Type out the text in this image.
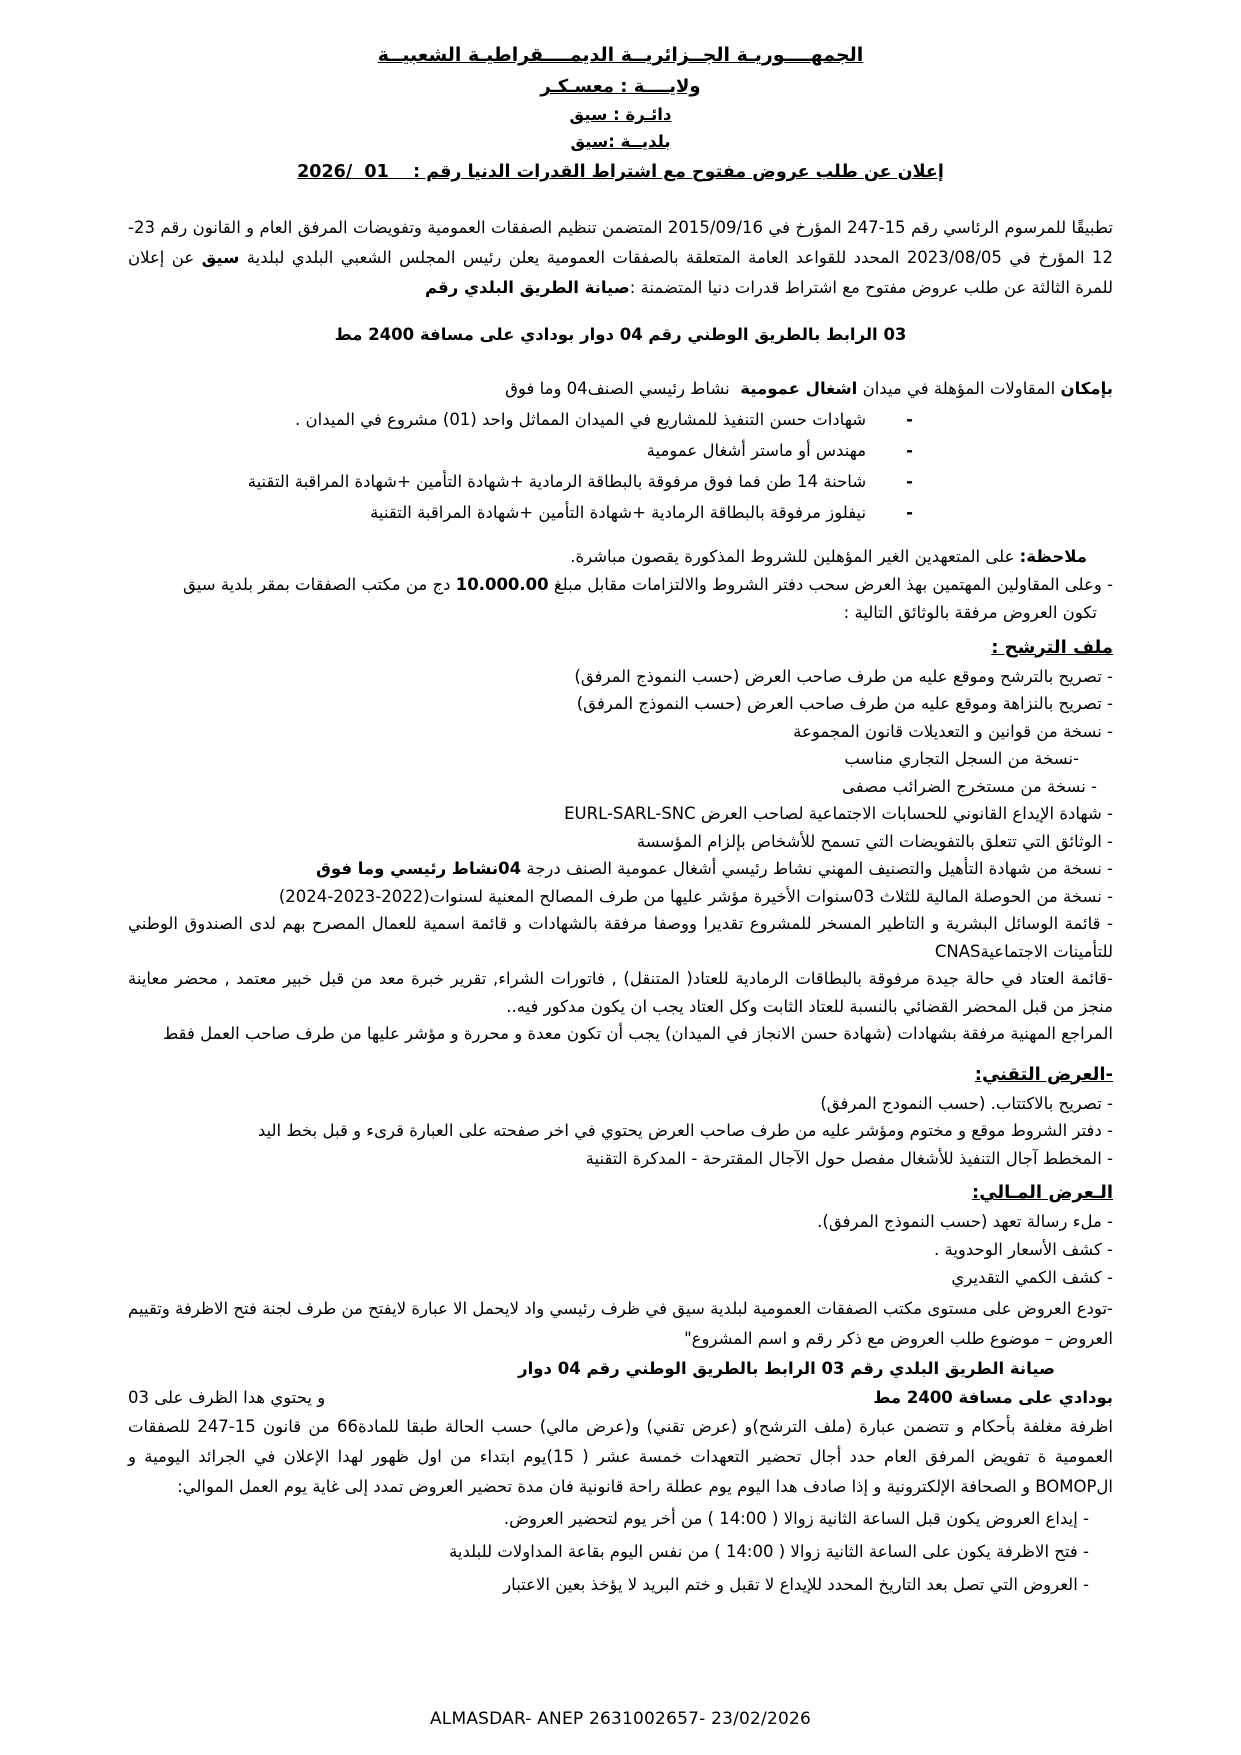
الجمهــــوريـة الجــزائريــة الديمــــقراطيـة الشعبيــة
ولايــــة : معسـكـر
دائـرة : سيق
بلديــة :سيق
إعلان عن طلب عروض مفتوح مع اشتراط القدرات الدنيا رقم :    01  /2026

تطبيقًا للمرسوم الرئاسي رقم 15-247 المؤرخ في 2015/09/16 المتضمن تنظيم الصفقات العمومية وتفويضات المرفق العام و القانون رقم 23-12 المؤرخ في 2023/08/05 المحدد للقواعد العامة المتعلقة بالصفقات العمومية يعلن رئيس المجلس الشعبي البلدي لبلدية سيق عن إعلان للمرة الثالثة عن طلب عروض مفتوح مع اشتراط قدرات دنيا المتضمنة :صيانة الطريق البلدي رقم

03 الرابط بالطريق الوطني رقم 04 دوار بودادي على مسافة 2400 مط
بإمكان المقاولات المؤهلة في ميدان اشغال عمومية  نشاط رئيسي الصنف04 وما فوق
-
شهادات حسن التنفيذ للمشاريع في الميدان المماثل واحد (01) مشروع في الميدان .
-
مهندس أو ماستر أشغال عمومية
-
شاحنة 14 طن فما فوق مرفوقة بالبطاقة الرمادية +شهادة التأمين +شهادة المراقبة التقنية
-
نيفلوز مرفوقة بالبطاقة الرمادية +شهادة التأمين +شهادة المراقبة التقنية
ملاحظة: على المتعهدين الغير المؤهلين للشروط المذكورة يقصون مباشرة.

- وعلى المقاولين المهتمين بهذ العرض سحب دفتر الشروط والالتزامات مقابل مبلغ 10.000.00 دج من مكتب الصفقات بمقر بلدية سيق

تكون العروض مرفقة بالوثائق التالية :
ملف الترشح :
- تصريح بالترشح وموقع عليه من طرف صاحب العرض (حسب النموذج المرفق)
- تصريح بالنزاهة وموقع عليه من طرف صاحب العرض (حسب النموذج المرفق)
- نسخة من قوانين و التعديلات قانون المجموعة
-نسخة من السجل التجاري مناسب
- نسخة من مستخرج الضرائب مصفى
- شهادة الإيداع القانوني للحسابات الاجتماعية لصاحب العرض EURL-SARL-SNC
- الوثائق التي تتعلق بالتفويضات التي تسمح للأشخاص بإلزام المؤسسة
- نسخة من شهادة التأهيل والتصنيف المهني نشاط رئيسي أشغال عمومية الصنف درجة 04نشاط رئيسي وما فوق
- نسخة من الحوصلة المالية للثلاث 03سنوات الأخيرة مؤشر عليها من طرف المصالح المعنية لسنوات(2022-2023-2024)
- قائمة الوسائل البشرية و التاطير المسخر للمشروع تقديرا ووصفا مرفقة بالشهادات و قائمة اسمية للعمال المصرح بهم لدى الصندوق الوطني للتأمينات الاجتماعيةCNAS
-قائمة العتاد في حالة جيدة مرفوقة بالبطاقات الرمادية للعتاد( المتنقل) , فاتورات الشراء, تقرير خبرة معد من قبل خبير معتمد , محضر معاينة منجز من قبل المحضر القضائي بالنسبة للعتاد الثابت وكل العتاد يجب ان يكون مدكور فيه..
المراجع المهنية مرفقة بشهادات (شهادة حسن الانجاز في الميدان) يجب أن تكون معدة و محررة و مؤشر عليها من طرف صاحب العمل فقط
-العرض التقني:
- تصريح بالاكتتاب. (حسب النمودج المرفق)
- دفتر الشروط موقع و مختوم ومؤشر عليه من طرف صاحب العرض يحتوي في اخر صفحته على العبارة قرىء و قبل بخط اليد
- المخطط آجال التنفيذ للأشغال مفصل حول الآجال المقترحة - المدكرة التقنية
الـعرض المـالي:
- ملء رسالة تعهد (حسب النموذج المرفق).
- كشف الأسعار الوحدوية .
- كشف الكمي التقديري

-تودع العروض على مستوى مكتب الصفقات العمومية لبلدية سيق في ظرف رئيسي واد لايحمل الا عبارة لايفتح من طرف لجنة فتح الاظرفة وتقييم العروض – موضوع طلب العروض مع ذكر رقم و اسم المشروع"

صيانة الطريق البلدي رقم 03 الرابط بالطريق الوطني رقم 04 دوار
بودادي على مسافة 2400 مط
و يحتوي هدا الظرف على 03

اظرفة مغلفة بأحكام و تتضمن عبارة (ملف الترشح)و (عرض تقني) و(عرض مالي) حسب الحالة طبقا للمادة66 من قانون 15-247 للصفقات العمومية ة تفويض المرفق العام حدد أجال تحضير التعهدات خمسة عشر ( 15)يوم ابتداء من اول ظهور لهدا الإعلان في الجرائد اليومية و الBOMOP و الصحافة الإلكترونية و إذا صادف هدا اليوم يوم عطلة راحة قانونية فان مدة تحضير العروض تمدد إلى غاية يوم العمل الموالي:

- إيداع العروض يكون قبل الساعة الثانية زوالا ( 14:00 ) من أخر يوم لتحضير العروض.
- فتح الاظرفة يكون على الساعة الثانية زوالا ( 14:00 ) من نفس اليوم بقاعة المداولات للبلدية
- العروض التي تصل بعد التاريخ المحدد للإيداع لا تقبل و ختم البريد لا يؤخذ بعين الاعتبار
ALMASDAR- ANEP 2631002657- 23/02/2026
